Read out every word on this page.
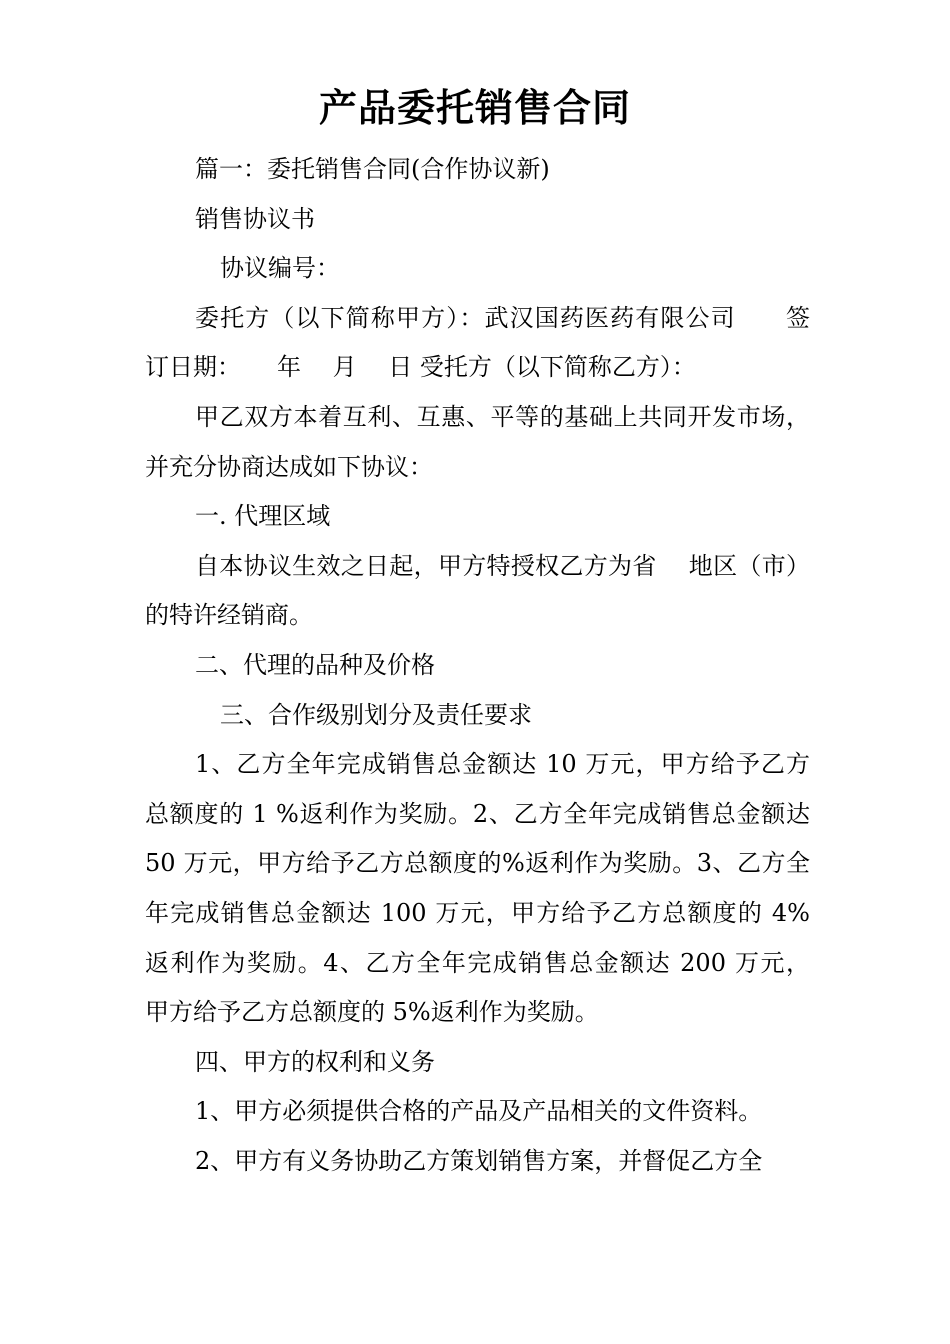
产品委托销售合同

篇一：委托销售合同(合作协议新)

销售协议书

协议编号：

委托方（以下简称甲方）：武汉国药医药有限公司　　签

订日期：　　年　 月　 日 受托方（以下简称乙方）：

甲乙双方本着互利、互惠、平等的基础上共同开发市场，

并充分协商达成如下协议：

一. 代理区域

自本协议生效之日起，甲方特授权乙方为省　 地区（市）

的特许经销商。

二、代理的品种及价格

三、合作级别划分及责任要求

1、乙方全年完成销售总金额达 10 万元，甲方给予乙方

总额度的 1 %返利作为奖励。2、乙方全年完成销售总金额达

50 万元，甲方给予乙方总额度的%返利作为奖励。3、乙方全

年完成销售总金额达 100 万元，甲方给予乙方总额度的 4%

返利作为奖励。4、乙方全年完成销售总金额达 200 万元，

甲方给予乙方总额度的 5%返利作为奖励。

四、甲方的权利和义务

1、甲方必须提供合格的产品及产品相关的文件资料。

2、甲方有义务协助乙方策划销售方案，并督促乙方全
